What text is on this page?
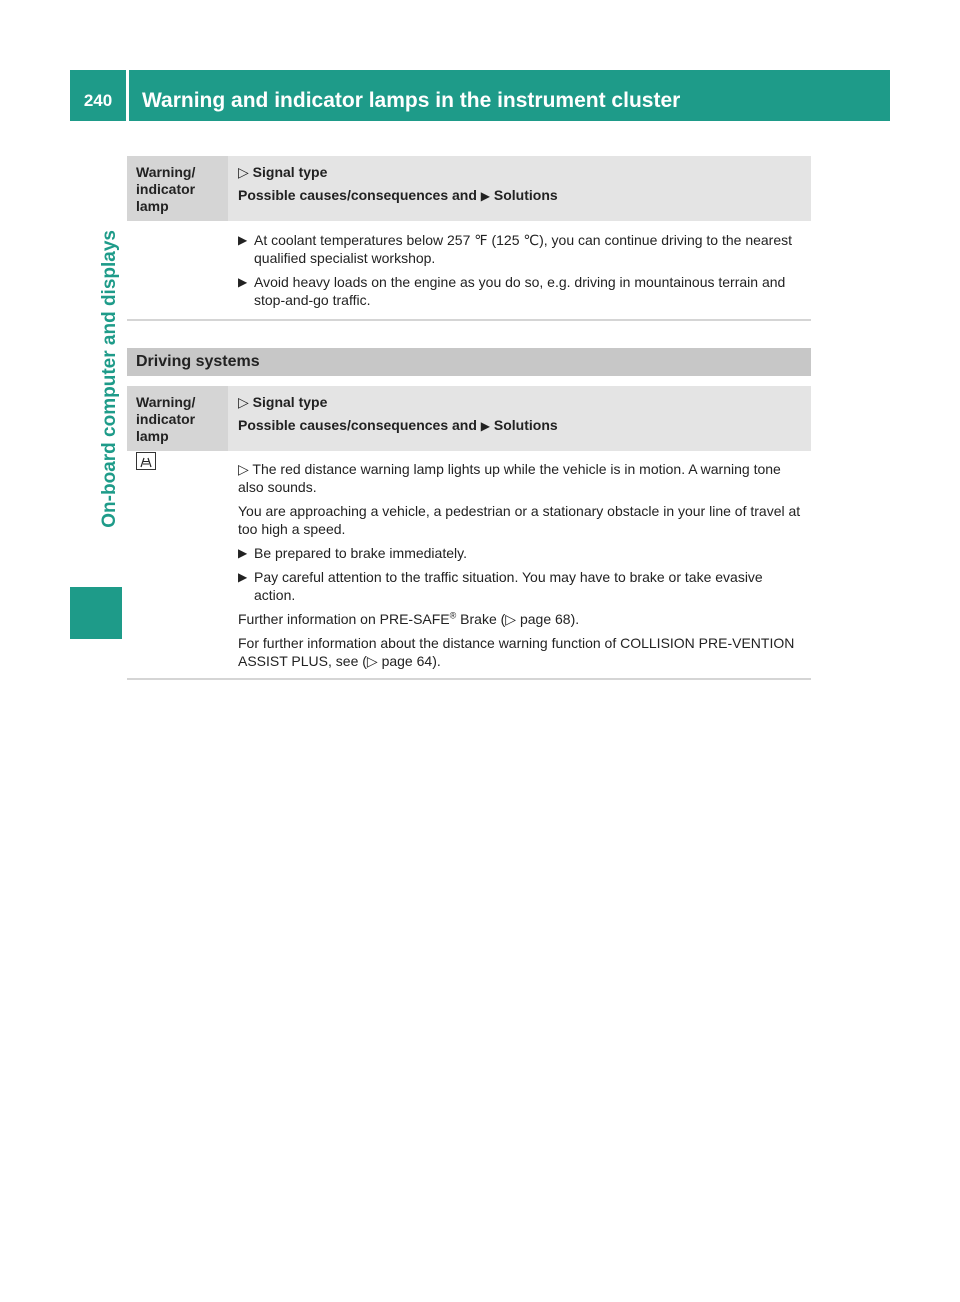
240	Warning and indicator lamps in the instrument cluster
On-board computer and displays
Warning/ indicator lamp
▷ Signal type
Possible causes/consequences and ▶ Solutions
▶ At coolant temperatures below 257 ℉ (125 ℃), you can continue driving to the nearest qualified specialist workshop.
▶ Avoid heavy loads on the engine as you do so, e.g. driving in mountainous terrain and stop-and-go traffic.
Driving systems
Warning/ indicator lamp
▷ Signal type
Possible causes/consequences and ▶ Solutions

▷ The red distance warning lamp lights up while the vehicle is in motion. A warning tone also sounds.

You are approaching a vehicle, a pedestrian or a stationary obstacle in your line of travel at too high a speed.

▶ Be prepared to brake immediately.
▶ Pay careful attention to the traffic situation. You may have to brake or take evasive action.

Further information on PRE-SAFE® Brake (▷ page 68).

For further information about the distance warning function of COLLISION PRE-VENTION ASSIST PLUS, see (▷ page 64).
